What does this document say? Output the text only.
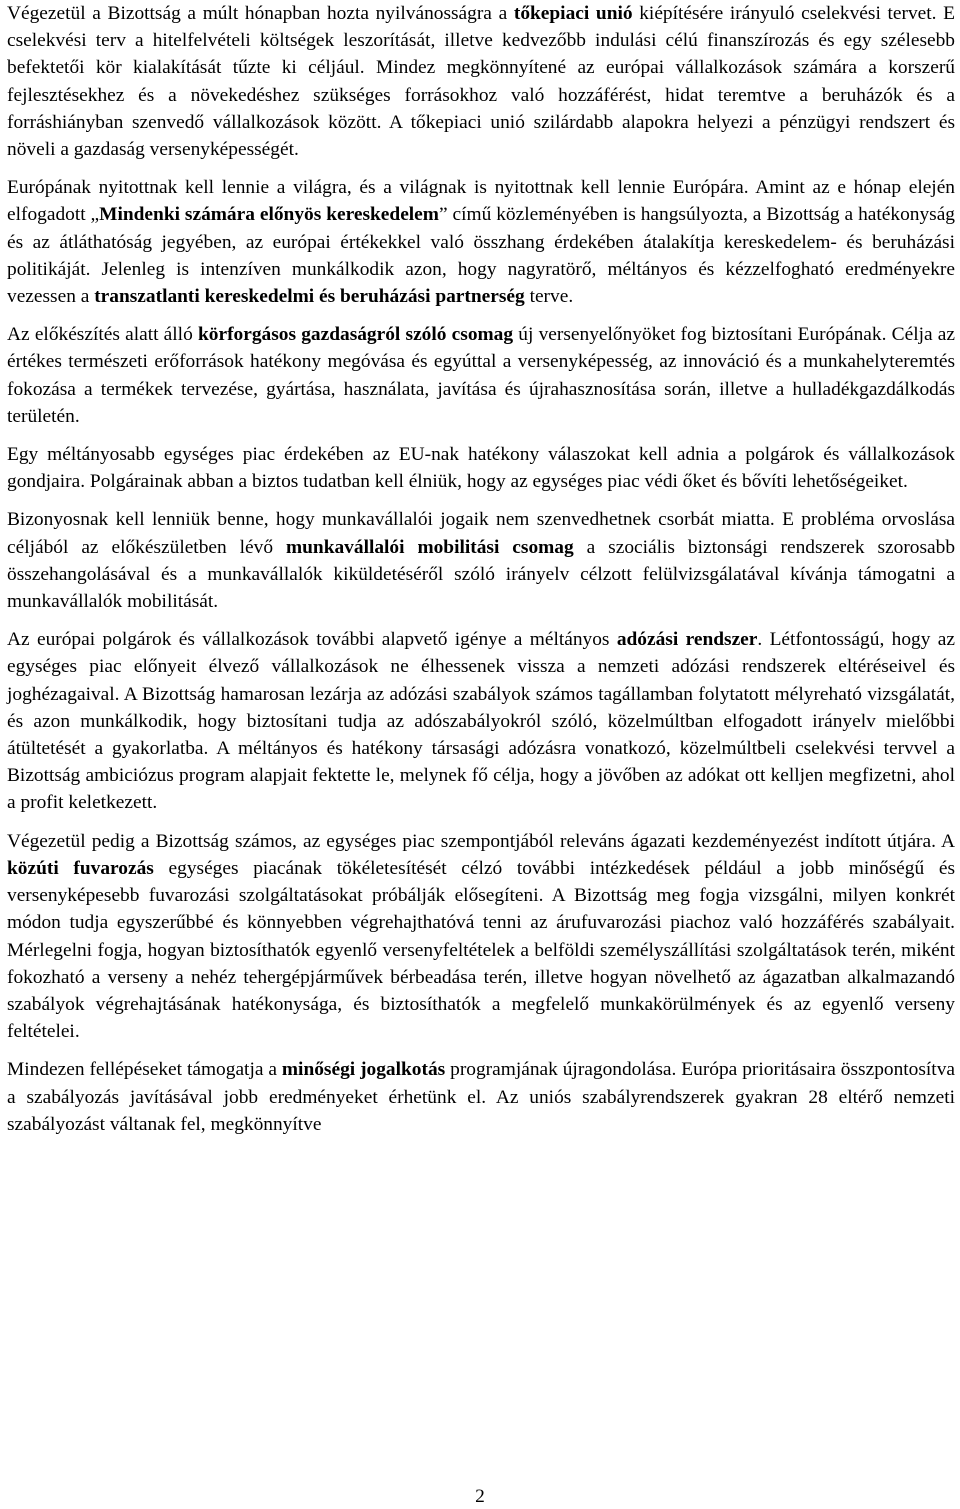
Végezetül a Bizottság a múlt hónapban hozta nyilvánosságra a tőkepiaci unió kiépítésére irányuló cselekvési tervet. E cselekvési terv a hitelfelvételi költségek leszorítását, illetve kedvezőbb indulási célú finanszírozás és egy szélesebb befektetői kör kialakítását tűzte ki céljául. Mindez megkönnyítené az európai vállalkozások számára a korszerű fejlesztésekhez és a növekedéshez szükséges forrásokhoz való hozzáférést, hidat teremtve a beruházók és a forráshiányban szenvedő vállalkozások között. A tőkepiaci unió szilárdabb alapokra helyezi a pénzügyi rendszert és növeli a gazdaság versenyképességét.

Európának nyitottnak kell lennie a világra, és a világnak is nyitottnak kell lennie Európára. Amint az e hónap elején elfogadott „Mindenki számára előnyös kereskedelem” című közleményében is hangsúlyozta, a Bizottság a hatékonyság és az átláthatóság jegyében, az európai értékekkel való összhang érdekében átalakítja kereskedelem- és beruházási politikáját. Jelenleg is intenzíven munkálkodik azon, hogy nagyratörő, méltányos és kézzelfogható eredményekre vezessen a transzatlanti kereskedelmi és beruházási partnerség terve.

Az előkészítés alatt álló körforgásos gazdaságról szóló csomag új versenyelőnyöket fog biztosítani Európának. Célja az értékes természeti erőforrások hatékony megóvása és egyúttal a versenyképesség, az innováció és a munkahelyteremtés fokozása a termékek tervezése, gyártása, használata, javítása és újrahasznosítása során, illetve a hulladékgazdálkodás területén.

Egy méltányosabb egységes piac érdekében az EU-nak hatékony válaszokat kell adnia a polgárok és vállalkozások gondjaira. Polgárainak abban a biztos tudatban kell élniük, hogy az egységes piac védi őket és bővíti lehetőségeiket.

Bizonyosnak kell lenniük benne, hogy munkavállalói jogaik nem szenvedhetnek csorbát miatta. E probléma orvoslása céljából az előkészületben lévő munkavállalói mobilitási csomag a szociális biztonsági rendszerek szorosabb összehangolásával és a munkavállalók kiküldetéséről szóló irányelv célzott felülvizsgálatával kívánja támogatni a munkavállalók mobilitását.

Az európai polgárok és vállalkozások további alapvető igénye a méltányos adózási rendszer. Létfontosságú, hogy az egységes piac előnyeit élvező vállalkozások ne élhessenek vissza a nemzeti adózási rendszerek eltéréseivel és joghézagaival. A Bizottság hamarosan lezárja az adózási szabályok számos tagállamban folytatott mélyreható vizsgálatát, és azon munkálkodik, hogy biztosítani tudja az adószabályokról szóló, közelmúltban elfogadott irányelv mielőbbi átültetését a gyakorlatba. A méltányos és hatékony társasági adózásra vonatkozó, közelmúltbeli cselekvési tervvel a Bizottság ambiciózus program alapjait fektette le, melynek fő célja, hogy a jövőben az adókat ott kelljen megfizetni, ahol a profit keletkezett.

Végezetül pedig a Bizottság számos, az egységes piac szempontjából releváns ágazati kezdeményezést indított útjára. A közúti fuvarozás egységes piacának tökéletesítését célzó további intézkedések például a jobb minőségű és versenyképesebb fuvarozási szolgáltatásokat próbálják elősegíteni. A Bizottság meg fogja vizsgálni, milyen konkrét módon tudja egyszerűbbé és könnyebben végrehajthatóvá tenni az árufuvarozási piachoz való hozzáférés szabályait. Mérlegelni fogja, hogyan biztosíthatók egyenlő versenyfeltételek a belföldi személyszállítási szolgáltatások terén, miként fokozható a verseny a nehéz tehergépjárművek bérbeadása terén, illetve hogyan növelhető az ágazatban alkalmazandó szabályok végrehajtásának hatékonysága, és biztosíthatók a megfelelő munkakörülmények és az egyenlő verseny feltételei.

Mindezen fellépéseket támogatja a minőségi jogalkotás programjának újragondolása. Európa prioritásaira összpontosítva a szabályozás javításával jobb eredményeket érhetünk el. Az uniós szabályrendszerek gyakran 28 eltérő nemzeti szabályozást váltanak fel, megkönnyítve

2
